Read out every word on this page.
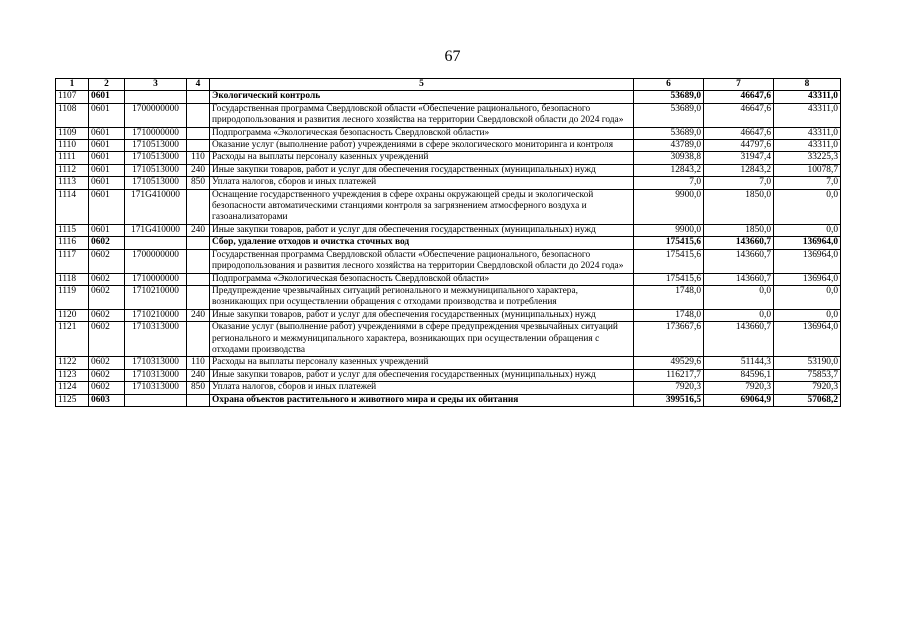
67
1	2	3	4	5	6	7	8
1107	0601			Экологический контроль	53689,0	46647,6	43311,0
1108	0601	1700000000		Государственная программа Свердловской области «Обеспечение рационального, безопасного природопользования и развития лесного хозяйства на территории Свердловской области до 2024 года»	53689,0	46647,6	43311,0
1109	0601	1710000000		Подпрограмма «Экологическая безопасность Свердловской области»	53689,0	46647,6	43311,0
1110	0601	1710513000		Оказание услуг (выполнение работ) учреждениями в сфере экологического мониторинга и контроля	43789,0	44797,6	43311,0
1111	0601	1710513000	110	Расходы на выплаты персоналу казенных учреждений	30938,8	31947,4	33225,3
1112	0601	1710513000	240	Иные закупки товаров, работ и услуг для обеспечения государственных (муниципальных) нужд	12843,2	12843,2	10078,7
1113	0601	1710513000	850	Уплата налогов, сборов и иных платежей	7,0	7,0	7,0
1114	0601	171G410000		Оснащение государственного учреждения в сфере охраны окружающей среды и экологической безопасности автоматическими станциями контроля за загрязнением атмосферного воздуха и газоанализаторами	9900,0	1850,0	0,0
1115	0601	171G410000	240	Иные закупки товаров, работ и услуг для обеспечения государственных (муниципальных) нужд	9900,0	1850,0	0,0
1116	0602			Сбор, удаление отходов и очистка сточных вод	175415,6	143660,7	136964,0
1117	0602	1700000000		Государственная программа Свердловской области «Обеспечение рационального, безопасного природопользования и развития лесного хозяйства на территории Свердловской области до 2024 года»	175415,6	143660,7	136964,0
1118	0602	1710000000		Подпрограмма «Экологическая безопасность Свердловской области»	175415,6	143660,7	136964,0
1119	0602	1710210000		Предупреждение чрезвычайных ситуаций регионального и межмуниципального характера, возникающих при осуществлении обращения с отходами производства и потребления	1748,0	0,0	0,0
1120	0602	1710210000	240	Иные закупки товаров, работ и услуг для обеспечения государственных (муниципальных) нужд	1748,0	0,0	0,0
1121	0602	1710313000		Оказание услуг (выполнение работ) учреждениями в сфере предупреждения чрезвычайных ситуаций регионального и межмуниципального характера, возникающих при осуществлении обращения с отходами производства	173667,6	143660,7	136964,0
1122	0602	1710313000	110	Расходы на выплаты персоналу казенных учреждений	49529,6	51144,3	53190,0
1123	0602	1710313000	240	Иные закупки товаров, работ и услуг для обеспечения государственных (муниципальных) нужд	116217,7	84596,1	75853,7
1124	0602	1710313000	850	Уплата налогов, сборов и иных платежей	7920,3	7920,3	7920,3
1125	0603			Охрана объектов растительного и животного мира и среды их обитания	399516,5	69064,9	57068,2
